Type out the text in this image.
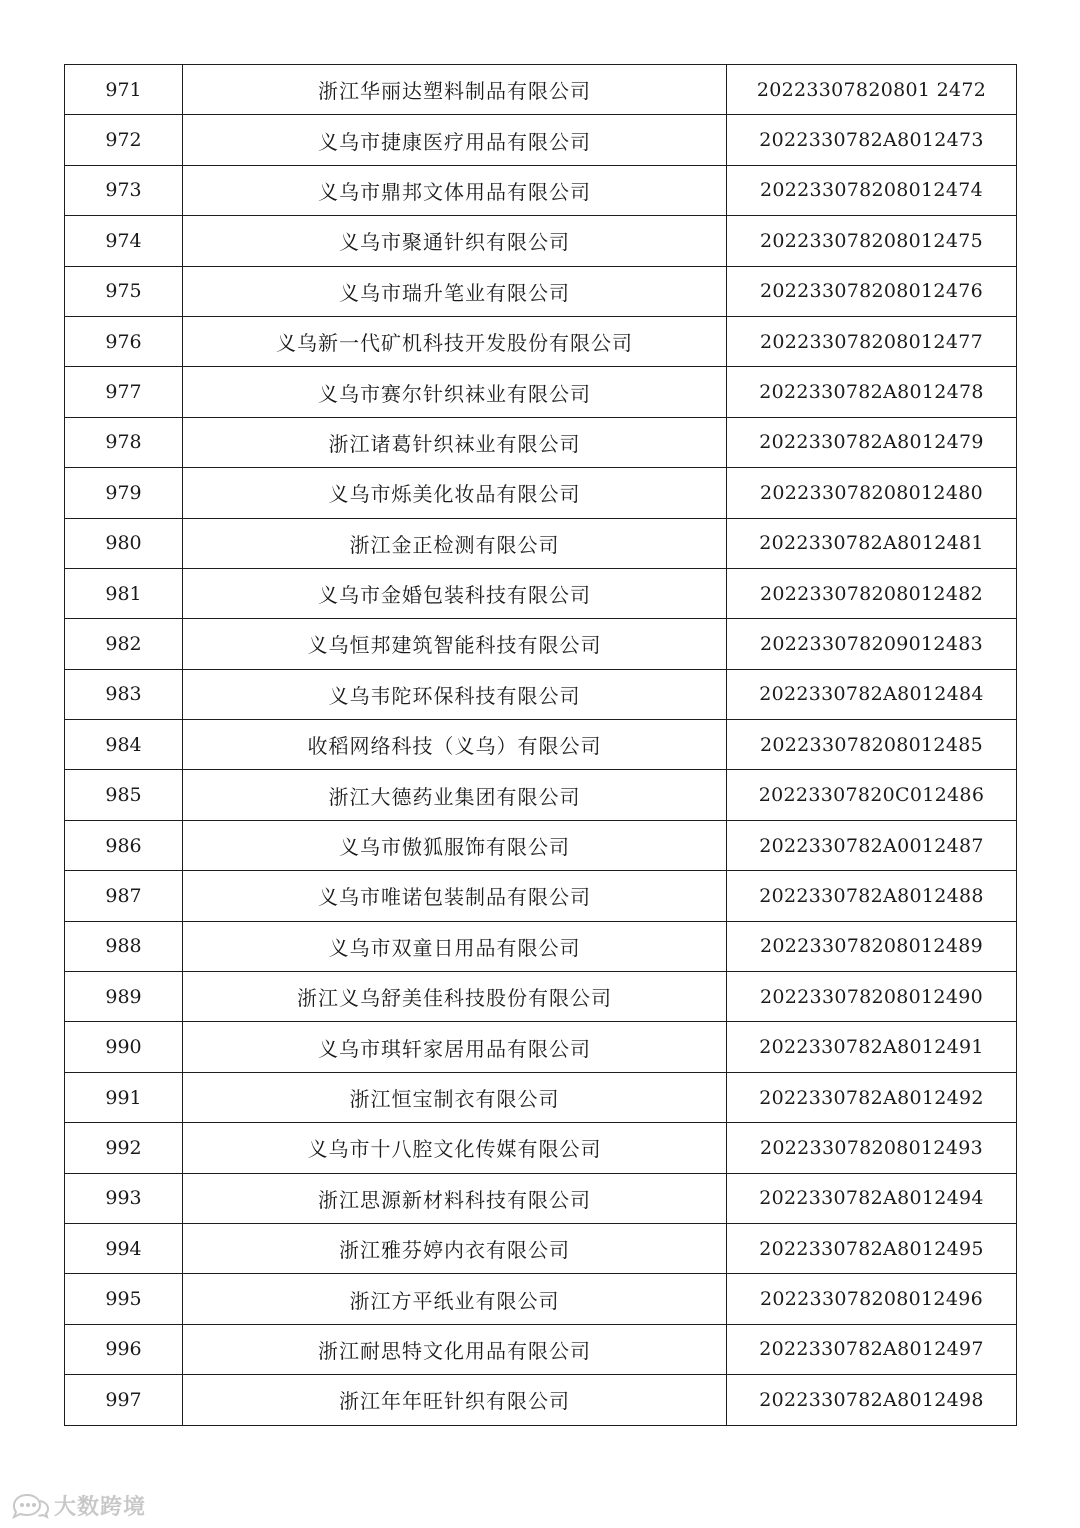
971	浙江华丽达塑料制品有限公司	20223307820801 2472
972	义乌市捷康医疗用品有限公司	2022330782A8012473
973	义乌市鼎邦文体用品有限公司	202233078208012474
974	义乌市聚通针织有限公司	202233078208012475
975	义乌市瑞升笔业有限公司	202233078208012476
976	义乌新一代矿机科技开发股份有限公司	202233078208012477
977	义乌市赛尔针织袜业有限公司	2022330782A8012478
978	浙江诸葛针织袜业有限公司	2022330782A8012479
979	义乌市烁美化妆品有限公司	202233078208012480
980	浙江金正检测有限公司	2022330782A8012481
981	义乌市金婚包装科技有限公司	202233078208012482
982	义乌恒邦建筑智能科技有限公司	202233078209012483
983	义乌韦陀环保科技有限公司	2022330782A8012484
984	收稻网络科技（义乌）有限公司	202233078208012485
985	浙江大德药业集团有限公司	20223307820C012486
986	义乌市傲狐服饰有限公司	2022330782A0012487
987	义乌市唯诺包装制品有限公司	2022330782A8012488
988	义乌市双童日用品有限公司	202233078208012489
989	浙江义乌舒美佳科技股份有限公司	202233078208012490
990	义乌市琪轩家居用品有限公司	2022330782A8012491
991	浙江恒宝制衣有限公司	2022330782A8012492
992	义乌市十八腔文化传媒有限公司	202233078208012493
993	浙江思源新材料科技有限公司	2022330782A8012494
994	浙江雅芬婷内衣有限公司	2022330782A8012495
995	浙江方平纸业有限公司	202233078208012496
996	浙江耐思特文化用品有限公司	2022330782A8012497
997	浙江年年旺针织有限公司	2022330782A8012498
大数跨境
